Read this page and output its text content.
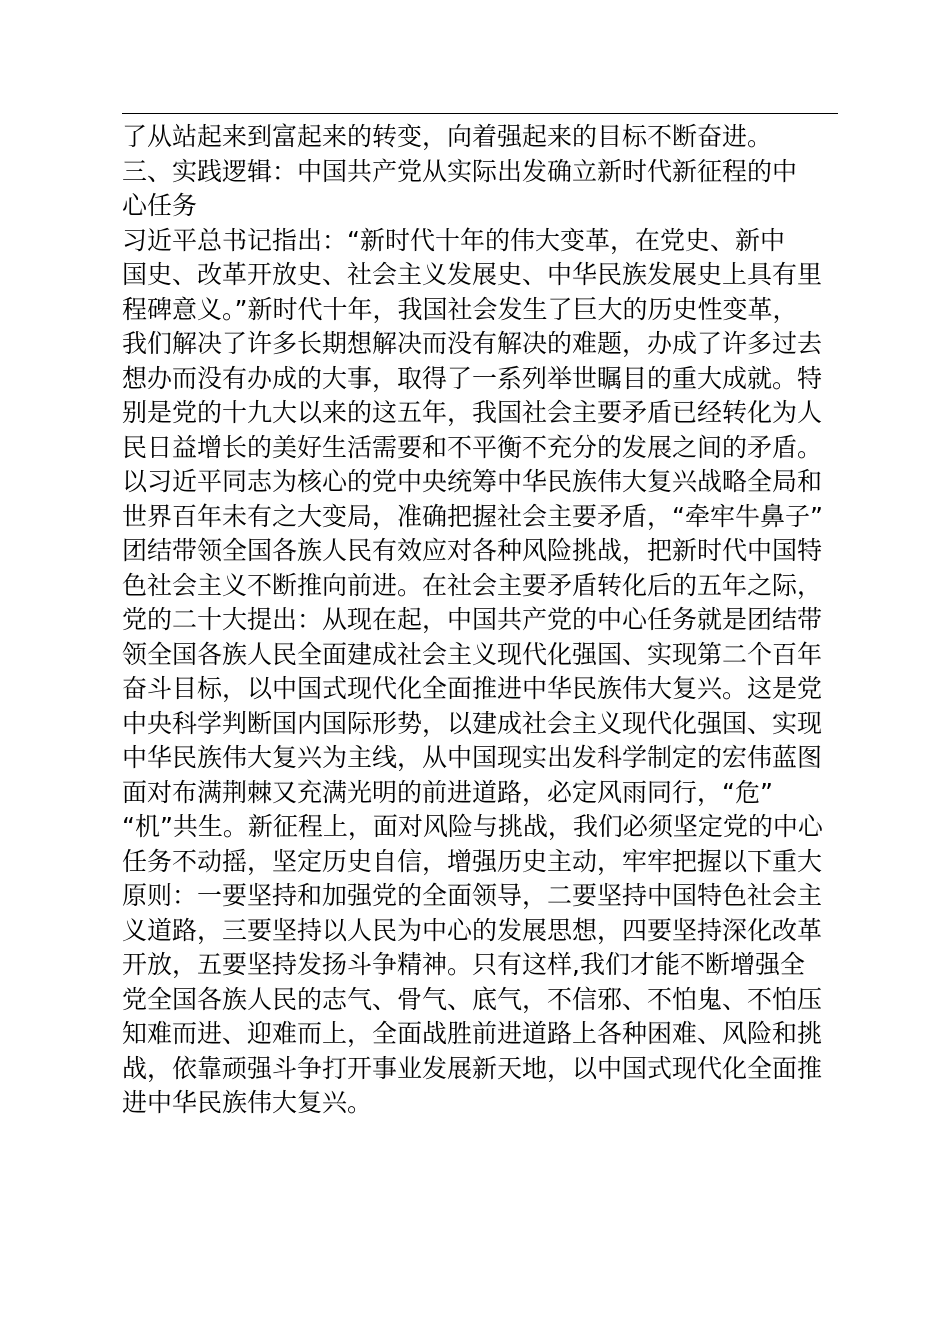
了从站起来到富起来的转变，向着强起来的目标不断奋进。
三、实践逻辑：中国共产党从实际出发确立新时代新征程的中
心任务
习近平总书记指出：“新时代十年的伟大变革，在党史、新中
国史、改革开放史、社会主义发展史、中华民族发展史上具有里
程碑意义。”新时代十年，我国社会发生了巨大的历史性变革，
我们解决了许多长期想解决而没有解决的难题，办成了许多过去
想办而没有办成的大事，取得了一系列举世瞩目的重大成就。特
别是党的十九大以来的这五年，我国社会主要矛盾已经转化为人
民日益增长的美好生活需要和不平衡不充分的发展之间的矛盾。
以习近平同志为核心的党中央统筹中华民族伟大复兴战略全局和
世界百年未有之大变局，准确把握社会主要矛盾，“牵牢牛鼻子”
团结带领全国各族人民有效应对各种风险挑战，把新时代中国特
色社会主义不断推向前进。在社会主要矛盾转化后的五年之际，
党的二十大提出：从现在起，中国共产党的中心任务就是团结带
领全国各族人民全面建成社会主义现代化强国、实现第二个百年
奋斗目标，以中国式现代化全面推进中华民族伟大复兴。这是党
中央科学判断国内国际形势，以建成社会主义现代化强国、实现
中华民族伟大复兴为主线，从中国现实出发科学制定的宏伟蓝图
面对布满荆棘又充满光明的前进道路，必定风雨同行，“危”
“机”共生。新征程上，面对风险与挑战，我们必须坚定党的中心
任务不动摇，坚定历史自信，增强历史主动，牢牢把握以下重大
原则：一要坚持和加强党的全面领导，二要坚持中国特色社会主
义道路，三要坚持以人民为中心的发展思想，四要坚持深化改革
开放，五要坚持发扬斗争精神。只有这样,我们才能不断增强全
党全国各族人民的志气、骨气、底气，不信邪、不怕鬼、不怕压
知难而进、迎难而上，全面战胜前进道路上各种困难、风险和挑
战，依靠顽强斗争打开事业发展新天地，以中国式现代化全面推
进中华民族伟大复兴。
